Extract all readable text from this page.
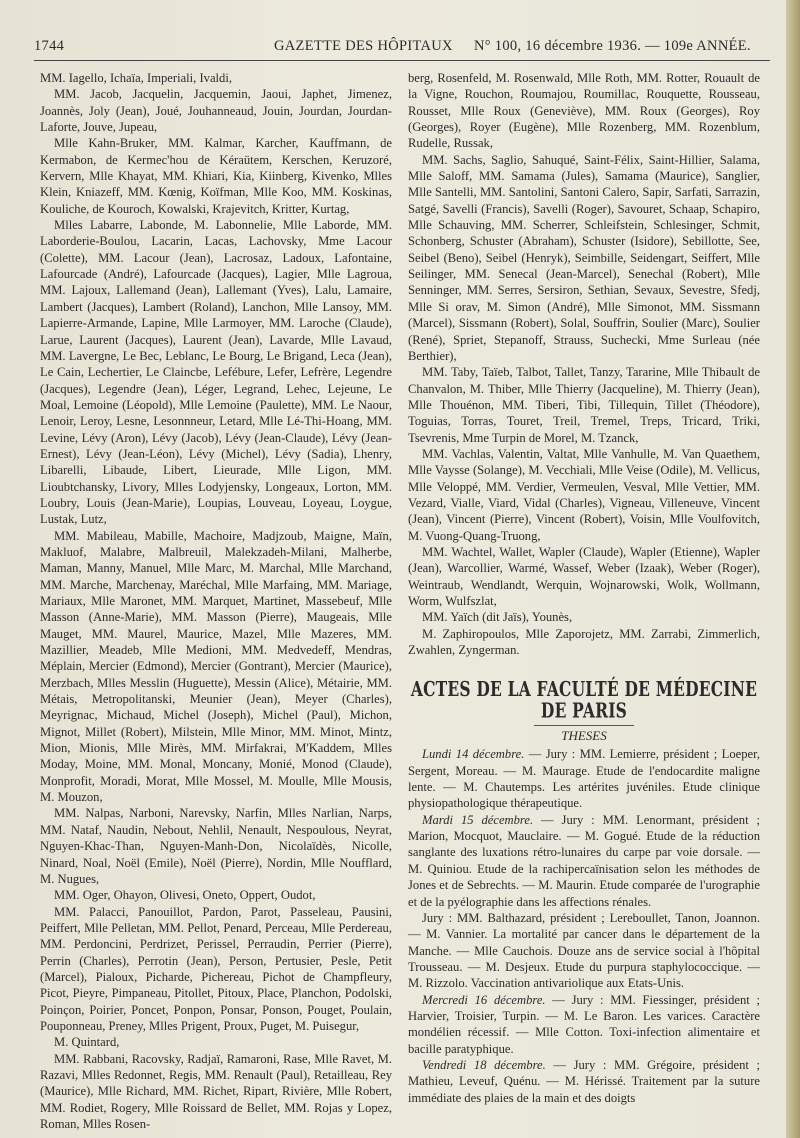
1744	GAZETTE DES HÔPITAUX N° 100, 16 décembre 1936. — 109e ANNÉE.

MM. Iagello, Ichaïa, Imperiali, Ivaldi,

MM. Jacob, Jacquelin, Jacquemin, Jaoui, Japhet, Jimenez, Joannès, Joly (Jean), Joué, Jouhanneaud, Jouin, Jourdan, Jourdan-Laforte, Jouve, Jupeau,

Mlle Kahn-Bruker, MM. Kalmar, Karcher, Kauffmann, de Kermabon, de Kermec'hou de Kéraütem, Kerschen, Keruzoré, Kervern, Mlle Khayat, MM. Khiari, Kia, Kiinberg, Kivenko, Mlles Klein, Kniazeff, MM. Kœnig, Koïfman, Mlle Koo, MM. Koskinas, Kouliche, de Kouroch, Kowalski, Krajevitch, Kritter, Kurtag,

Mlles Labarre, Labonde, M. Labonnelie, Mlle Laborde, MM. Laborderie-Boulou, Lacarin, Lacas, Lachovsky, Mme Lacour (Colette), MM. Lacour (Jean), Lacrosaz, Ladoux, Lafontaine, Lafourcade (André), Lafourcade (Jacques), Lagier, Mlle Lagroua, MM. Lajoux, Lallemand (Jean), Lallemant (Yves), Lalu, Lamaire, Lambert (Jacques), Lambert (Roland), Lanchon, Mlle Lansoy, MM. Lapierre-Armande, Lapine, Mlle Larmoyer, MM. Laroche (Claude), Larue, Laurent (Jacques), Laurent (Jean), Lavarde, Mlle Lavaud, MM. Lavergne, Le Bec, Leblanc, Le Bourg, Le Brigand, Leca (Jean), Le Cain, Lechertier, Le Claincbe, Lefébure, Lefer, Lefrère, Legendre (Jacques), Legendre (Jean), Léger, Legrand, Lehec, Lejeune, Le Moal, Lemoine (Léopold), Mlle Lemoine (Paulette), MM. Le Naour, Lenoir, Leroy, Lesne, Lesonnneur, Letard, Mlle Lé-Thi-Hoang, MM. Levine, Lévy (Aron), Lévy (Jacob), Lévy (Jean-Claude), Lévy (Jean-Ernest), Lévy (Jean-Léon), Lévy (Michel), Lévy (Sadia), Lhenry, Libarelli, Libaude, Libert, Lieurade, Mlle Ligon, MM. Lioubtchansky, Livory, Mlles Lodyjensky, Longeaux, Lorton, MM. Loubry, Louis (Jean-Marie), Loupias, Louveau, Loyeau, Loygue, Lustak, Lutz,

MM. Mabileau, Mabille, Machoire, Madjzoub, Maigne, Maïn, Makluof, Malabre, Malbreuil, Malekzadeh-Milani, Malherbe, Maman, Manny, Manuel, Mlle Marc, M. Marchal, Mlle Marchand, MM. Marche, Marchenay, Maréchal, Mlle Marfaing, MM. Mariage, Mariaux, Mlle Maronet, MM. Marquet, Martinet, Massebeuf, Mlle Masson (Anne-Marie), MM. Masson (Pierre), Maugeais, Mlle Mauget, MM. Maurel, Maurice, Mazel, Mlle Mazeres, MM. Mazillier, Meadeb, Mlle Medioni, MM. Medvedeff, Mendras, Méplain, Mercier (Edmond), Mercier (Gontrant), Mercier (Maurice), Merzbach, Mlles Messlin (Huguette), Messin (Alice), Métairie, MM. Métais, Metropolitanski, Meunier (Jean), Meyer (Charles), Meyrignac, Michaud, Michel (Joseph), Michel (Paul), Michon, Mignot, Millet (Robert), Milstein, Mlle Minor, MM. Minot, Mintz, Mion, Mionis, Mlle Mirès, MM. Mirfakrai, M'Kaddem, Mlles Moday, Moine, MM. Monal, Moncany, Monié, Monod (Claude), Monprofit, Moradi, Morat, Mlle Mossel, M. Moulle, Mlle Mousis, M. Mouzon,

MM. Nalpas, Narboni, Narevsky, Narfin, Mlles Narlian, Narps, MM. Nataf, Naudin, Nebout, Nehlil, Nenault, Nespoulous, Neyrat, Nguyen-Khac-Than, Nguyen-Manh-Don, Nicolaïdès, Nicolle, Ninard, Noal, Noël (Emile), Noël (Pierre), Nordin, Mlle Noufflard, M. Nugues,

MM. Oger, Ohayon, Olivesi, Oneto, Oppert, Oudot,

MM. Palacci, Panouillot, Pardon, Parot, Passeleau, Pausini, Peiffert, Mlle Pelletan, MM. Pellot, Penard, Perceau, Mlle Perdereau, MM. Perdoncini, Perdrizet, Perissel, Perraudin, Perrier (Pierre), Perrin (Charles), Perrotin (Jean), Person, Pertusier, Pesle, Petit (Marcel), Pialoux, Picharde, Pichereau, Pichot de Champfleury, Picot, Pieyre, Pimpaneau, Pitollet, Pitoux, Place, Planchon, Podolski, Poinçon, Poirier, Poncet, Ponpon, Ponsar, Ponson, Pouget, Poulain, Pouponneau, Preney, Mlles Prigent, Proux, Puget, M. Puisegur,

M. Quintard,

MM. Rabbani, Racovsky, Radjaï, Ramaroni, Rase, Mlle Ravet, M. Razavi, Mlles Redonnet, Regis, MM. Renault (Paul), Retailleau, Rey (Maurice), Mlle Richard, MM. Richet, Ripart, Rivière, Mlle Robert, MM. Rodiet, Rogery, Mlle Roissard de Bellet, MM. Rojas y Lopez, Roman, Mlles Rosen-

berg, Rosenfeld, M. Rosenwald, Mlle Roth, MM. Rotter, Rouault de la Vigne, Rouchon, Roumajou, Roumillac, Rouquette, Rousseau, Rousset, Mlle Roux (Geneviève), MM. Roux (Georges), Roy (Georges), Royer (Eugène), Mlle Rozenberg, MM. Rozenblum, Rudelle, Russak,

MM. Sachs, Saglio, Sahuqué, Saint-Félix, Saint-Hillier, Salama, Mlle Saloff, MM. Samama (Jules), Samama (Maurice), Sanglier, Mlle Santelli, MM. Santolini, Santoni Calero, Sapir, Sarfati, Sarrazin, Satgé, Savelli (Francis), Savelli (Roger), Savouret, Schaap, Schapiro, Mlle Schauving, MM. Scherrer, Schleifstein, Schlesinger, Schmit, Schonberg, Schuster (Abraham), Schuster (Isidore), Sebillotte, See, Seibel (Beno), Seibel (Henryk), Seimbille, Seidengart, Seiffert, Mlle Seilinger, MM. Senecal (Jean-Marcel), Senechal (Robert), Mlle Senninger, MM. Serres, Sersiron, Sethian, Sevaux, Sevestre, Sfedj, Mlle Si orav, M. Simon (André), Mlle Simonot, MM. Sissmann (Marcel), Sissmann (Robert), Solal, Souffrin, Soulier (Marc), Soulier (René), Spriet, Stepanoff, Strauss, Suchecki, Mme Surleau (née Berthier),

MM. Taby, Taïeb, Talbot, Tallet, Tanzy, Tararine, Mlle Thibault de Chanvalon, M. Thiber, Mlle Thierry (Jacqueline), M. Thierry (Jean), Mlle Thouénon, MM. Tiberi, Tibi, Tillequin, Tillet (Théodore), Toguias, Torras, Touret, Treil, Tremel, Treps, Tricard, Triki, Tsevrenis, Mme Turpin de Morel, M. Tzanck,

MM. Vachlas, Valentin, Valtat, Mlle Vanhulle, M. Van Quaethem, Mlle Vaysse (Solange), M. Vecchiali, Mlle Veise (Odile), M. Vellicus, Mlle Veloppé, MM. Verdier, Vermeulen, Vesval, Mlle Vettier, MM. Vezard, Vialle, Viard, Vidal (Charles), Vigneau, Villeneuve, Vincent (Jean), Vincent (Pierre), Vincent (Robert), Voisin, Mlle Voulfovitch, M. Vuong-Quang-Truong,

MM. Wachtel, Wallet, Wapler (Claude), Wapler (Etienne), Wapler (Jean), Warcollier, Warmé, Wassef, Weber (Izaak), Weber (Roger), Weintraub, Wendlandt, Werquin, Wojnarowski, Wolk, Wollmann, Worm, Wulfszlat,

MM. Yaïch (dit Jaïs), Younès,

M. Zaphiropoulos, Mlle Zaporojetz, MM. Zarrabi, Zimmerlich, Zwahlen, Zyngerman.

ACTES DE LA FACULTÉ DE MÉDECINE DE PARIS
THESES

Lundi 14 décembre. — Jury : MM. Lemierre, président ; Loeper, Sergent, Moreau. — M. Maurage. Etude de l'endocardite maligne lente. — M. Chautemps. Les artérites juvéniles. Etude clinique physiopathologique thérapeutique.

Mardi 15 décembre. — Jury : MM. Lenormant, président ; Marion, Mocquot, Mauclaire. — M. Gogué. Etude de la réduction sanglante des luxations rétro-lunaires du carpe par voie dorsale. — M. Quiniou. Etude de la rachipercaïnisation selon les méthodes de Jones et de Sebrechts. — M. Maurin. Etude comparée de l'urographie et de la pyélographie dans les affections rénales.

Jury : MM. Balthazard, président ; Lereboullet, Tanon, Joannon. — M. Vannier. La mortalité par cancer dans le département de la Manche. — Mlle Cauchois. Douze ans de service social à l'hôpital Trousseau. — M. Desjeux. Etude du purpura staphylococcique. — M. Rizzolo. Vaccination antivariolique aux Etats-Unis.

Mercredi 16 décembre. — Jury : MM. Fiessinger, président ; Harvier, Troisier, Turpin. — M. Le Baron. Les varices. Caractère mondélien récessif. — Mlle Cotton. Toxi-infection alimentaire et bacille paratyphique.

Vendredi 18 décembre. — Jury : MM. Grégoire, président ; Mathieu, Leveuf, Quénu. — M. Hérissé. Traitement par la suture immédiate des plaies de la main et des doigts
